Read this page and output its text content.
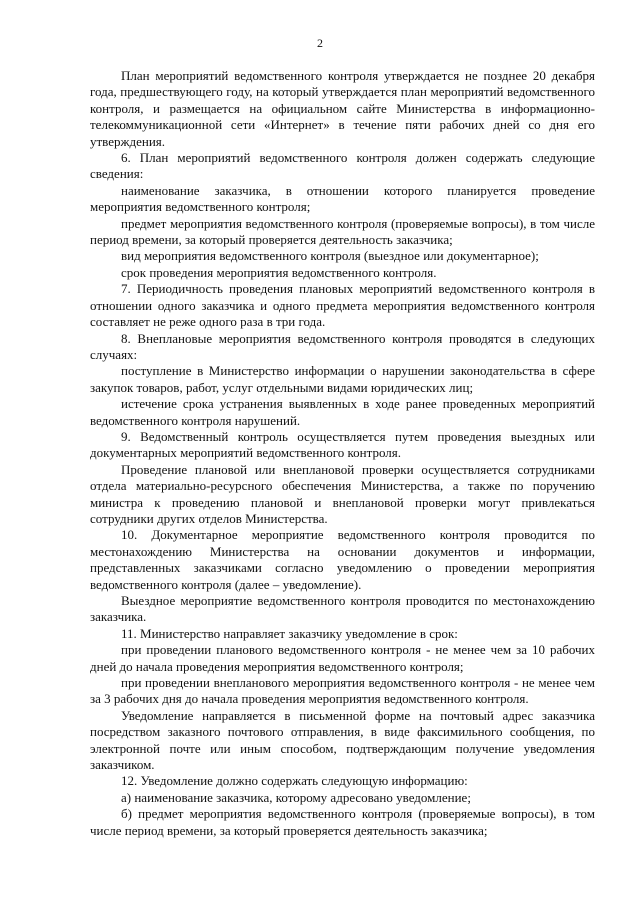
2

План мероприятий ведомственного контроля утверждается не позднее 20 декабря года, предшествующего году, на который утверждается план мероприятий ведомственного контроля, и размещается на официальном сайте Министерства в информационно-телекоммуникационной сети «Интернет» в течение пяти рабочих дней со дня его утверждения.

6. План мероприятий ведомственного контроля должен содержать следующие сведения:

наименование заказчика, в отношении которого планируется проведение мероприятия ведомственного контроля;

предмет мероприятия ведомственного контроля (проверяемые вопросы), в том числе период времени, за который проверяется деятельность заказчика;

вид мероприятия ведомственного контроля (выездное или документарное);

срок проведения мероприятия ведомственного контроля.

7. Периодичность проведения плановых мероприятий ведомственного контроля в отношении одного заказчика и одного предмета мероприятия ведомственного контроля составляет не реже одного раза в три года.

8. Внеплановые мероприятия ведомственного контроля проводятся в следующих случаях:

поступление в Министерство информации о нарушении законодательства в сфере закупок товаров, работ, услуг отдельными видами юридических лиц;

истечение срока устранения выявленных в ходе ранее проведенных мероприятий ведомственного контроля нарушений.

9. Ведомственный контроль осуществляется путем проведения выездных или документарных мероприятий ведомственного контроля.

Проведение плановой или внеплановой проверки осуществляется сотрудниками отдела материально-ресурсного обеспечения Министерства, а также по поручению министра к проведению плановой и внеплановой проверки могут привлекаться сотрудники других отделов Министерства.

10. Документарное мероприятие ведомственного контроля проводится по местонахождению Министерства на основании документов и информации, представленных заказчиками согласно уведомлению о проведении мероприятия ведомственного контроля (далее – уведомление).

Выездное мероприятие ведомственного контроля проводится по местонахождению заказчика.

11. Министерство направляет заказчику уведомление в срок:

при проведении планового ведомственного контроля - не менее чем за 10 рабочих дней до начала проведения мероприятия ведомственного контроля;

при проведении внепланового мероприятия ведомственного контроля - не менее чем за 3 рабочих дня до начала проведения мероприятия ведомственного контроля.

Уведомление направляется в письменной форме на почтовый адрес заказчика посредством заказного почтового отправления, в виде факсимильного сообщения, по электронной почте или иным способом, подтверждающим получение уведомления заказчиком.

12. Уведомление должно содержать следующую информацию:

а) наименование заказчика, которому адресовано уведомление;

б) предмет мероприятия ведомственного контроля (проверяемые вопросы), в том числе период времени, за который проверяется деятельность заказчика;
